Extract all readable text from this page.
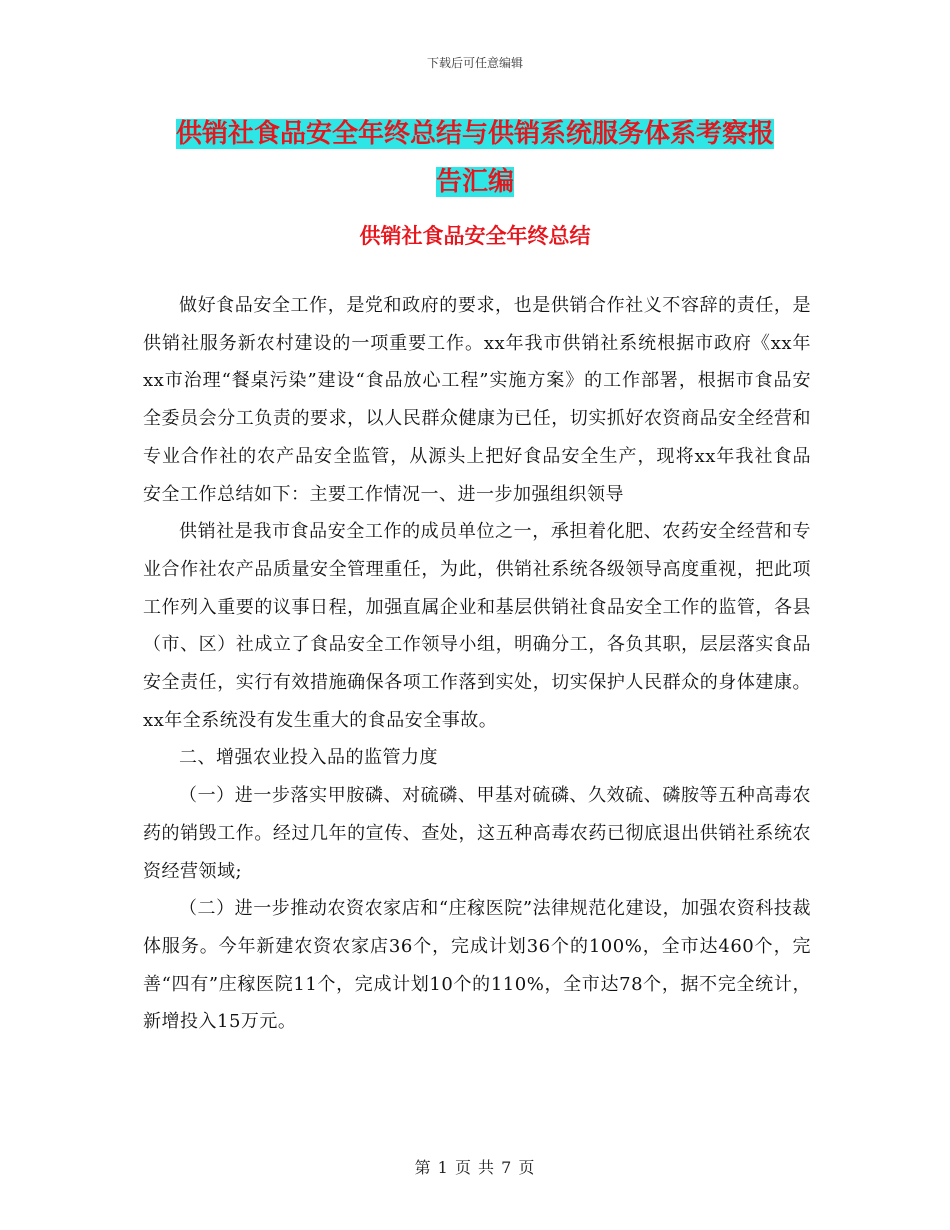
下载后可任意编辑
供销社食品安全年终总结与供销系统服务体系考察报
告汇编
供销社食品安全年终总结

做好食品安全工作，是党和政府的要求，也是供销合作社义不容辞的责任，是供销社服务新农村建设的一项重要工作。xx年我市供销社系统根据市政府《xx年xx市治理“餐桌污染”建设“食品放心工程”实施方案》的工作部署，根据市食品安全委员会分工负责的要求，以人民群众健康为已任，切实抓好农资商品安全经营和专业合作社的农产品安全监管，从源头上把好食品安全生产，现将xx年我社食品安全工作总结如下：主要工作情况一、进一步加强组织领导

供销社是我市食品安全工作的成员单位之一，承担着化肥、农药安全经营和专业合作社农产品质量安全管理重任，为此，供销社系统各级领导高度重视，把此项工作列入重要的议事日程，加强直属企业和基层供销社食品安全工作的监管，各县（市、区）社成立了食品安全工作领导小组，明确分工，各负其职，层层落实食品安全责任，实行有效措施确保各项工作落到实处，切实保护人民群众的身体建康。xx年全系统没有发生重大的食品安全事故。

二、增强农业投入品的监管力度

（一）进一步落实甲胺磷、对硫磷、甲基对硫磷、久效硫、磷胺等五种高毒农药的销毁工作。经过几年的宣传、查处，这五种高毒农药已彻底退出供销社系统农资经营领域;

（二）进一步推动农资农家店和“庄稼医院”法律规范化建设，加强农资科技裁体服务。今年新建农资农家店36个，完成计划36个的100%，全市达460个，完善“四有”庄稼医院11个，完成计划10个的110%，全市达78个，据不完全统计，新增投入15万元。

第 1 页 共 7 页
